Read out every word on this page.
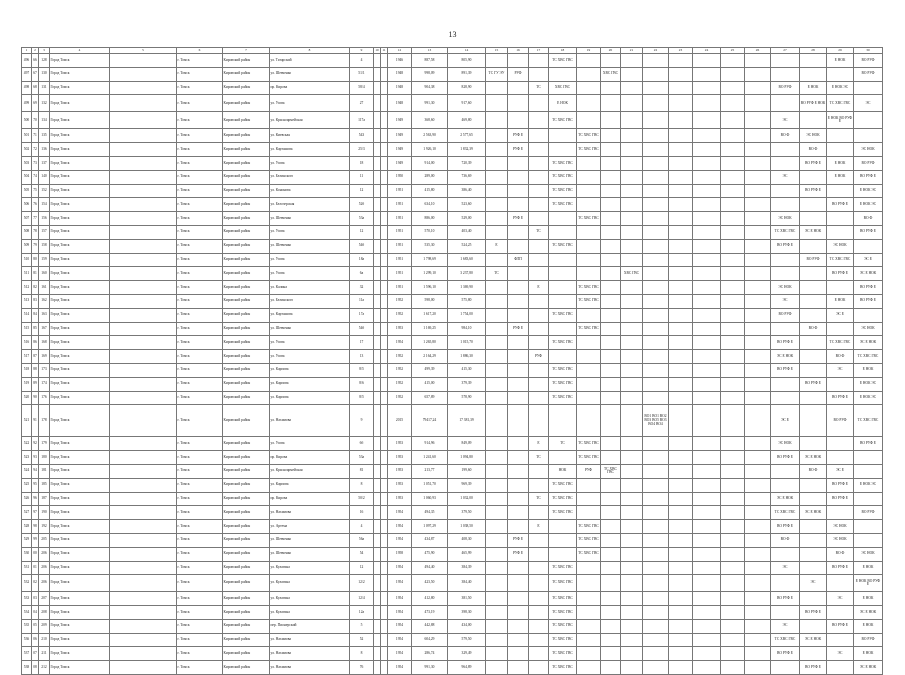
13
1	2	3	4	5	6	7	8	9	10	11	12	13	14	15	16	17	18	19	20	21	22	23	24	25	26	27	28	29	30
496	66	128	Город Томск		г. Томск	Кировский район	ул. Татарский	4			1946	887,58	805,90				ТС ХВС ГВС											Е НОК	ВО РУФ
497	67	130	Город Томск		г. Томск	Кировский район	ул. Шевченко	51/1			1948	998,09	891,39	ТС ГУ ЭУ	РУФ				ХВС ГВС										ВО РУФ
498	68	131	Город Томск		г. Томск	Кировский район	пр. Кирова	58/4			1948	904,38	828,90			ТС	ХВС ГВС									ВО РУФ	Е НОК	Е НОК ЭС	
499	69	132	Город Томск		г. Томск	Кировский район	ул. Усова	27			1948	991,30	917,60				Е НОК										ВО РУФ Е НОК	ТС ХВС ГВС	ЭС
500	70	134	Город Томск		г. Томск	Кировский район	ул. Красноармейская	117а			1949	368,60	469,80				ТС ХВС ГВС									ЭС		Е НОК ВО РУФ Е	
501	71	135	Город Томск		г. Томск	Кировский район	ул. Киевская	543			1949	2 563,90	2 577,65		РУФ Е			ТС ХВС ГВС								ВО Ф	ЭС НОК		
502	72	136	Город Томск		г. Томск	Кировский район	ул. Карташова	25/3			1949	1 926,10	1 832,39		РУФ Е			ТС ХВС ГВС									ВО Ф		ЭС НОК
503	73	137	Город Томск		г. Томск	Кировский район	ул. Усова	18			1949	914,00	720,39				ТС ХВС ГВС										ВО РУФ Е	Е НОК	ВО РУФ
504	74	140	Город Томск		г. Томск	Кировский район	ул. Белинского	11			1950	289,00	736,69				ТС ХВС ГВС									ЭС		Е НОК	ВО РУФ Е
505	75	152	Город Томск		г. Томск	Кировский район	ул. Кононова	12			1951	415,80	386,40				ТС ХВС ГВС										ВО РУФ Е		Е НОК ЭС
506	76	154	Город Томск		г. Томск	Кировский район	ул. Белозерская	52б			1951	634,10	523,60				ТС ХВС ГВС											ВО РУФ Е	Е НОК ЭС
507	77	156	Город Томск		г. Томск	Кировский район	ул. Шевченко	53а			1951	886,00	529,00		РУФ Е			ТС ХВС ГВС								ЭС НОК			ВО Ф
508	78	157	Город Томск		г. Томск	Кировский район	ул. Усова	12			1951	570,10	403,40			ТС										ТС ХВС ГВС	ЭС Е НОК		ВО РУФ Е
509	79	158	Город Томск		г. Томск	Кировский район	ул. Шевченко	54б			1951	535,30	524,25	Е			ТС ХВС ГВС									ВО РУФ Е		ЭС НОК	
510	80	159	Город Томск		г. Томск	Кировский район	ул. Усова	18а			1951	1 798,69	1 683,60		ФЛП												ВО РУФ	ТС ХВС ГВС	ЭС Е
511	81	160	Город Томск		г. Томск	Кировский район	ул. Усова	6а			1951	1 299,10	3 237,80	ТС						ХВС ГВС								ВО РУФ Е	ЭС Е НОК
512	82	161	Город Томск		г. Томск	Кировский район	ул. Калина	32			1951	1 596,10	1 369,90			Е		ТС ХВС ГВС								ЭС НОК			ВО РУФ Е
513	83	162	Город Томск		г. Томск	Кировский район	ул. Белинского	11а			1952	598,00	575,80					ТС ХВС ГВС								ЭС		Е НОК	ВО РУФ Е
514	84	163	Город Томск		г. Томск	Кировский район	ул. Карташова	17а			1952	1 617,20	1 754,00				ТС ХВС ГВС									ВО РУФ		ЭС Е	
515	85	167	Город Томск		г. Томск	Кировский район	ул. Шевченко	54б			1953	1 169,25	984,10		РУФ Е			ТС ХВС ГВС									ВО Ф		ЭС НОК
516	86	168	Город Томск		г. Томск	Кировский район	ул. Усова	17			1954	1 265,80	1 015,70				ТС ХВС ГВС									ВО РУФ Е		ТС ХВС ГВС	ЭС Е НОК
517	87	169	Город Томск		г. Томск	Кировский район	ул. Усова	13			1952	2 164,29	1 886,30			РУФ										ЭС Е НОК		ВО Ф	ТС ХВС ГВС
518	88	173	Город Томск		г. Томск	Кировский район	ул. Карпова	8/5			1952	499,39	415,30				ТС ХВС ГВС									ВО РУФ Е		ЭС	Е НОК
519	89	174	Город Томск		г. Томск	Кировский район	ул. Карпова	8/6			1952	415,00	379,39				ТС ХВС ГВС										ВО РУФ Е		Е НОК ЭС
520	90	176	Город Томск		г. Томск	Кировский район	ул. Карпова	8/5			1952	657,89	578,90				ТС ХВС ГВС											ВО РУФ Е	Е НОК ЭС
521	91	178	Город Томск		г. Томск	Кировский район	ул. Нахимова	9			2015	79417,24	17 381,39								ВО1 ВО1 ВО2 ВО3 ВО5 ВО3 ВО4 ВО4					ЭС Е		ВО РУФ	ТС ХВС ГВС
522	92	179	Город Томск		г. Томск	Кировский район	ул. Усова	6б			1953	914,96	849,09			Е	ТС	ТС ХВС ГВС								ЭС НОК			ВО РУФ Е
523	93	180	Город Томск		г. Томск	Кировский район	пр. Кирова	53а			1953	1 241,60	1 094,80			ТС		ТС ХВС ГВС								ВО РУФ Е	ЭС Е НОК		
524	94	181	Город Томск		г. Томск	Кировский район	ул. Красноармейская	81			1953	213,77	199,60				НОК	РУФ	ТС ХВС ГВС								ВО Ф	ЭС Е	
525	95	185	Город Томск		г. Томск	Кировский район	ул. Карпова	8			1953	1 051,70	969,39				ТС ХВС ГВС											ВО РУФ Е	Е НОК ЭС
526	96	187	Город Томск		г. Томск	Кировский район	пр. Кирова	50/2			1953	1 060,93	1 032,00			ТС	ТС ХВС ГВС									ЭС Е НОК		ВО РУФ Е	
527	97	190	Город Томск		г. Томск	Кировский район	ул. Нахимова	16			1954	494,35	379,50				ТС ХВС ГВС									ТС ХВС ГВС	ЭС Е НОК		ВО РУФ
528	98	192	Город Томск		г. Томск	Кировский район	ул. Артема	4			1954	1 097,29	1 038,50			Е		ТС ХВС ГВС								ВО РУФ Е		ЭС НОК	
529	99	205	Город Томск		г. Томск	Кировский район	ул. Шевченко	56а			1954	434,87	408,30		РУФ Е			ТС ХВС ГВС								ВО Ф		ЭС НОК	
530	00	206	Город Томск		г. Томск	Кировский район	ул. Шевченко	54			1958	475,90	465,99		РУФ Е			ТС ХВС ГВС										ВО Ф	ЭС НОК
531	01	206	Город Томск		г. Томск	Кировский район	ул. Кулагина	12			1954	494,40	384,39				ТС ХВС ГВС									ЭС		ВО РУФ Е	Е НОК
532	02	206	Город Томск		г. Томск	Кировский район	ул. Кулагина	12/2			1954	423,50	384,40				ТС ХВС ГВС										ЭС		Е НОК ВО РУФ Е
533	03	207	Город Томск		г. Томск	Кировский район	ул. Кулагина	12/4			1954	412,80	381,50				ТС ХВС ГВС									ВО РУФ Е		ЭС	Е НОК
534	04	208	Город Томск		г. Томск	Кировский район	ул. Кулагина	12а			1954	473,19	398,30				ТС ХВС ГВС										ВО РУФ Е		ЭС Е НОК
535	05	209	Город Томск		г. Томск	Кировский район	пер. Пионерский	5			1954	442,88	434,00				ТС ХВС ГВС									ЭС		ВО РУФ Е	Е НОК
536	06	210	Город Томск		г. Томск	Кировский район	ул. Нахимова	52			1954	604,29	579,50				ТС ХВС ГВС									ТС ХВС ГВС	ЭС Е НОК		ВО РУФ
537	07	211	Город Томск		г. Томск	Кировский район	ул. Нахимова	8			1954	286,74	329,49				ТС ХВС ГВС									ВО РУФ Е		ЭС	Е НОК
538	08	212	Город Томск		г. Томск	Кировский район	ул. Нахимова	76			1954	991,30	964,89				ТС ХВС ГВС										ВО РУФ Е		ЭС Е НОК
